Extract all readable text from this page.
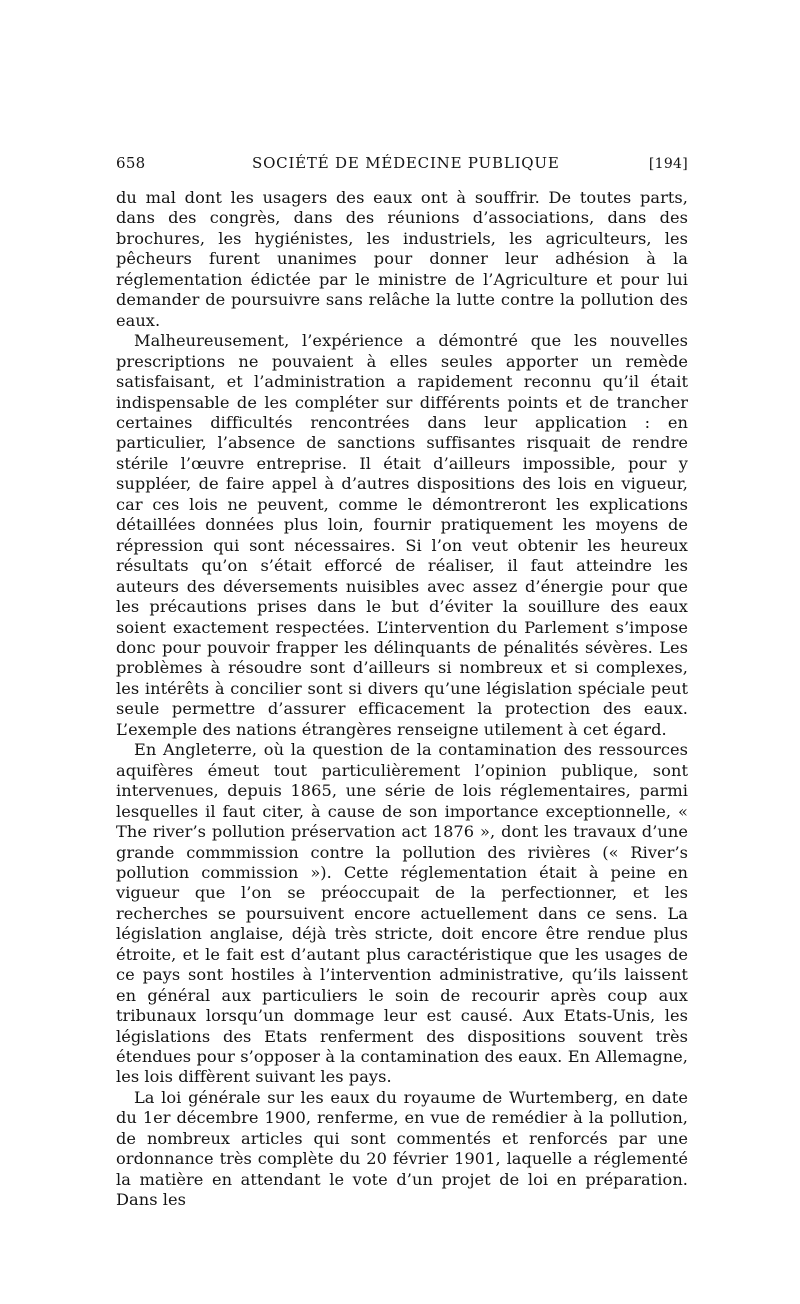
658	SOCIÉTÉ DE MÉDECINE PUBLIQUE	[194]

du mal dont les usagers des eaux ont à souffrir. De toutes parts, dans des congrès, dans des réunions d’associations, dans des brochures, les hygiénistes, les industriels, les agriculteurs, les pêcheurs furent unanimes pour donner leur adhésion à la réglementation édictée par le ministre de l’Agriculture et pour lui demander de poursuivre sans relâche la lutte contre la pollution des eaux.

Malheureusement, l’expérience a démontré que les nouvelles prescriptions ne pouvaient à elles seules apporter un remède satisfaisant, et l’administration a rapidement reconnu qu’il était indispensable de les compléter sur différents points et de trancher certaines difficultés rencontrées dans leur application : en particulier, l’absence de sanctions suffisantes risquait de rendre stérile l’œuvre entreprise. Il était d’ailleurs impossible, pour y suppléer, de faire appel à d’autres dispositions des lois en vigueur, car ces lois ne peuvent, comme le démontreront les explications détaillées données plus loin, fournir pratiquement les moyens de répression qui sont nécessaires. Si l’on veut obtenir les heureux résultats qu’on s’était efforcé de réaliser, il faut atteindre les auteurs des déversements nuisibles avec assez d’énergie pour que les précautions prises dans le but d’éviter la souillure des eaux soient exactement respectées. L’intervention du Parlement s’impose donc pour pouvoir frapper les délinquants de pénalités sévères. Les problèmes à résoudre sont d’ailleurs si nombreux et si complexes, les intérêts à concilier sont si divers qu’une législation spéciale peut seule permettre d’assurer efficacement la protection des eaux. L’exemple des nations étrangères renseigne utilement à cet égard.

En Angleterre, où la question de la contamination des ressources aquifères émeut tout particulièrement l’opinion publique, sont intervenues, depuis 1865, une série de lois réglementaires, parmi lesquelles il faut citer, à cause de son importance exceptionnelle, « The river’s pollution préservation act 1876 », dont les travaux d’une grande commmission contre la pollution des rivières (« River’s pollution commission »). Cette réglementation était à peine en vigueur que l’on se préoccupait de la perfectionner, et les recherches se poursuivent encore actuellement dans ce sens. La législation anglaise, déjà très stricte, doit encore être rendue plus étroite, et le fait est d’autant plus caractéristique que les usages de ce pays sont hostiles à l’intervention administrative, qu’ils laissent en général aux particuliers le soin de recourir après coup aux tribunaux lorsqu’un dommage leur est causé. Aux Etats-Unis, les législations des Etats renferment des dispositions souvent très étendues pour s’opposer à la contamination des eaux. En Allemagne, les lois diffèrent suivant les pays.

La loi générale sur les eaux du royaume de Wurtemberg, en date du 1er décembre 1900, renferme, en vue de remédier à la pollution, de nombreux articles qui sont commentés et renforcés par une ordonnance très complète du 20 février 1901, laquelle a réglementé la matière en attendant le vote d’un projet de loi en préparation. Dans les
